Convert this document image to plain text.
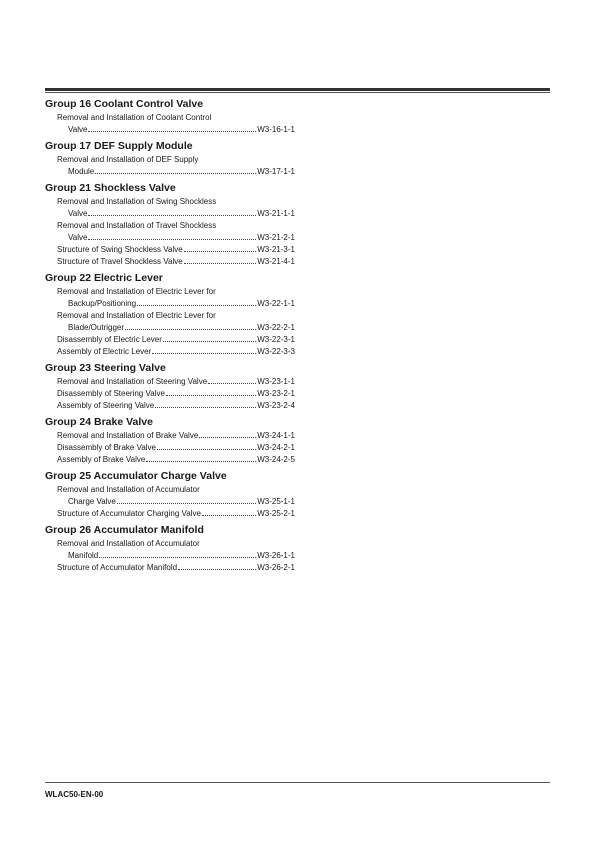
Group 16 Coolant Control Valve
Removal and Installation of Coolant Control
Valve	W3-16-1-1
Group 17 DEF Supply Module
Removal and Installation of DEF Supply
Module	W3-17-1-1
Group 21 Shockless Valve
Removal and Installation of Swing Shockless
Valve	W3-21-1-1
Removal and Installation of Travel Shockless
Valve	W3-21-2-1
Structure of Swing Shockless Valve	W3-21-3-1
Structure of Travel Shockless Valve	W3-21-4-1
Group 22 Electric Lever
Removal and Installation of Electric Lever for
Backup/Positioning	W3-22-1-1
Removal and Installation of Electric Lever for
Blade/Outrigger	W3-22-2-1
Disassembly of Electric Lever	W3-22-3-1
Assembly of Electric Lever	W3-22-3-3
Group 23 Steering Valve
Removal and Installation of Steering Valve	W3-23-1-1
Disassembly of Steering Valve	W3-23-2-1
Assembly of Steering Valve	W3-23-2-4
Group 24 Brake Valve
Removal and Installation of Brake Valve	W3-24-1-1
Disassembly of Brake Valve	W3-24-2-1
Assembly of Brake Valve	W3-24-2-5
Group 25 Accumulator Charge Valve
Removal and Installation of Accumulator
Charge Valve	W3-25-1-1
Structure of Accumulator Charging Valve	W3-25-2-1
Group 26 Accumulator Manifold
Removal and Installation of Accumulator
Manifold	W3-26-1-1
Structure of Accumulator Manifold	W3-26-2-1
WLAC50-EN-00
